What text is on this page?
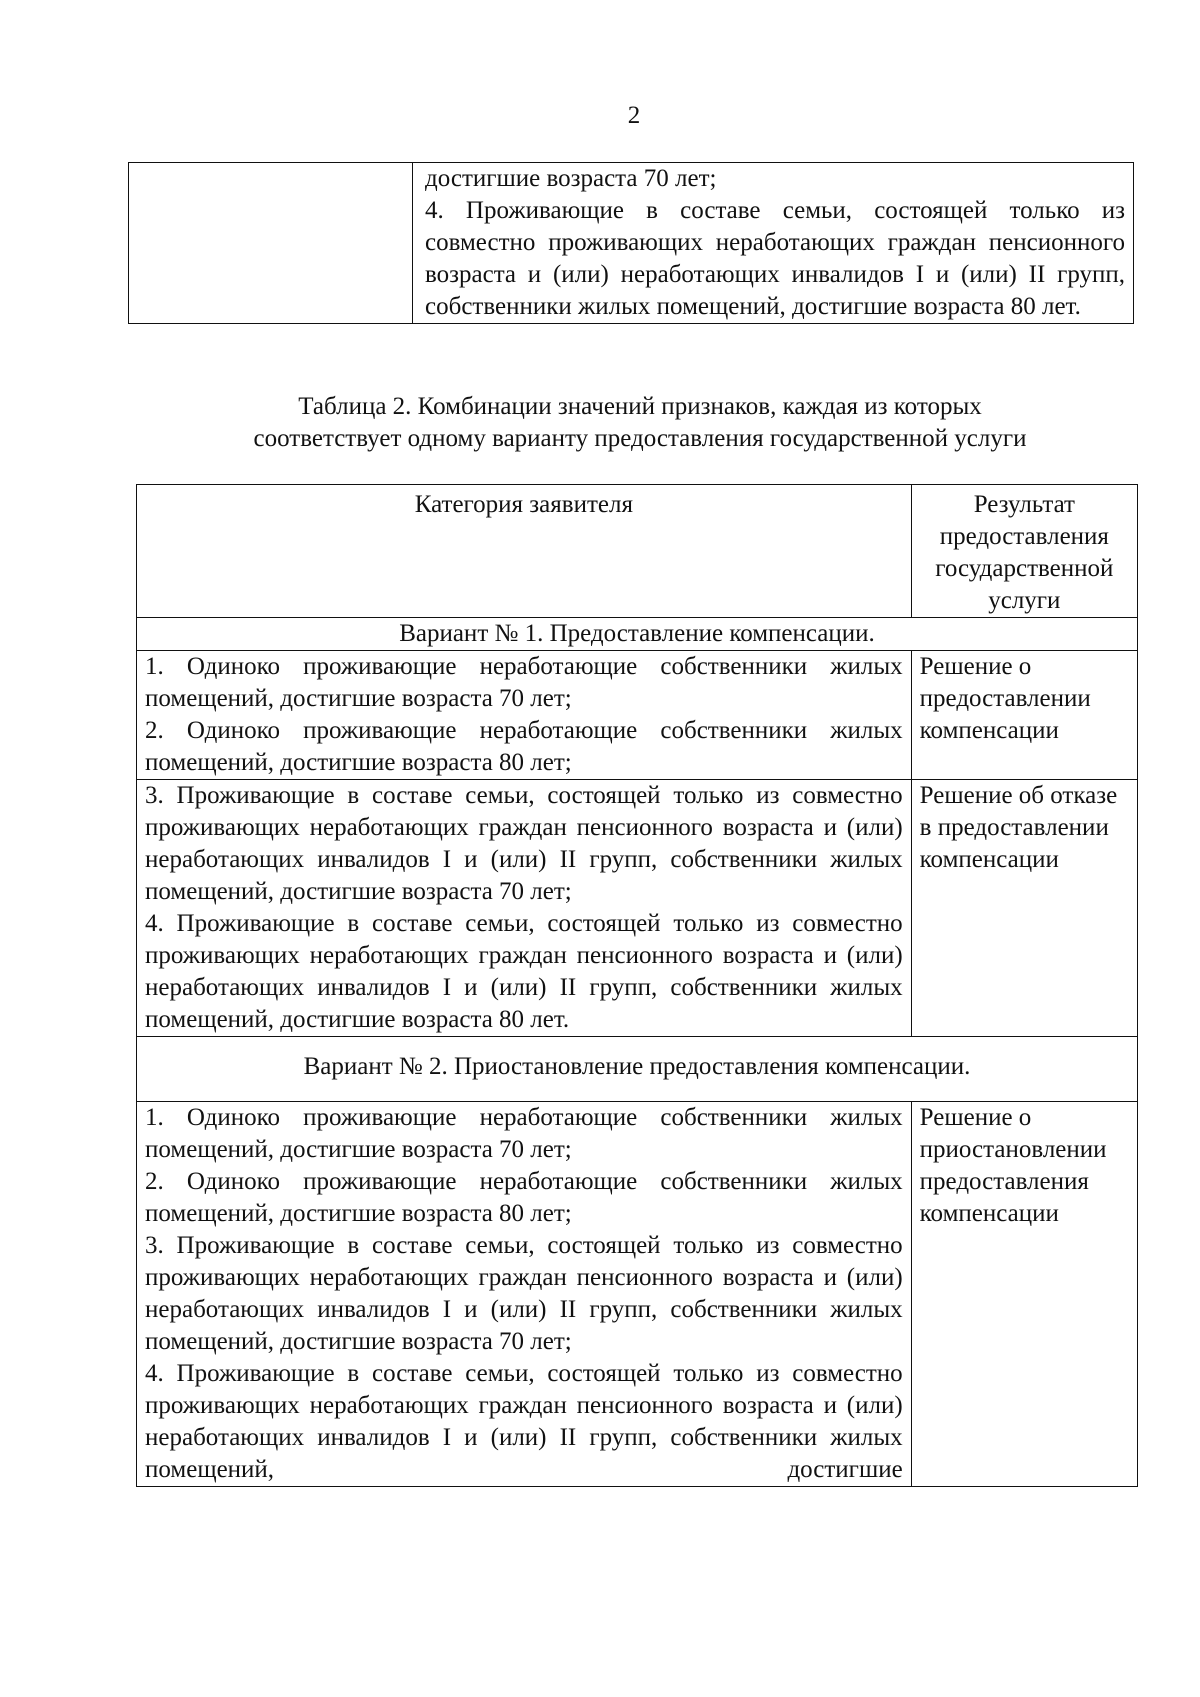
2

достигшие возраста 70 лет;
4. Проживающие в составе семьи, состоящей только из совместно проживающих неработающих граждан пенсионного возраста и (или) неработающих инвалидов I и (или) II групп, собственники жилых помещений, достигшие возраста 80 лет.
Таблица 2. Комбинации значений признаков, каждая из которых
соответствует одному варианту предоставления государственной услуги
Категория заявителя	Результат предоставления государственной услуги
Вариант № 1. Предоставление компенсации.	

1. Одиноко проживающие неработающие собственники жилых помещений, достигшие возраста 70 лет;
2. Одиноко проживающие неработающие собственники жилых помещений, достигшие возраста 80 лет;	Решение о предоставлении компенсации

3. Проживающие в составе семьи, состоящей только из совместно проживающих неработающих граждан пенсионного возраста и (или) неработающих инвалидов I и (или) II групп, собственники жилых помещений, достигшие возраста 70 лет;
4. Проживающие в составе семьи, состоящей только из совместно проживающих неработающих граждан пенсионного возраста и (или) неработающих инвалидов I и (или) II групп, собственники жилых помещений, достигшие возраста 80 лет.	Решение об отказе в предоставлении компенсации
Вариант № 2. Приостановление предоставления компенсации.	

1. Одиноко проживающие неработающие собственники жилых помещений, достигшие возраста 70 лет;
2. Одиноко проживающие неработающие собственники жилых помещений, достигшие возраста 80 лет;
3. Проживающие в составе семьи, состоящей только из совместно проживающих неработающих граждан пенсионного возраста и (или) неработающих инвалидов I и (или) II групп, собственники жилых помещений, достигшие возраста 70 лет;
4. Проживающие в составе семьи, состоящей только из совместно проживающих неработающих граждан пенсионного возраста и (или) неработающих инвалидов I и (или) II групп, собственники жилых помещений, достигшие	Решение о приостановлении предоставления компенсации
